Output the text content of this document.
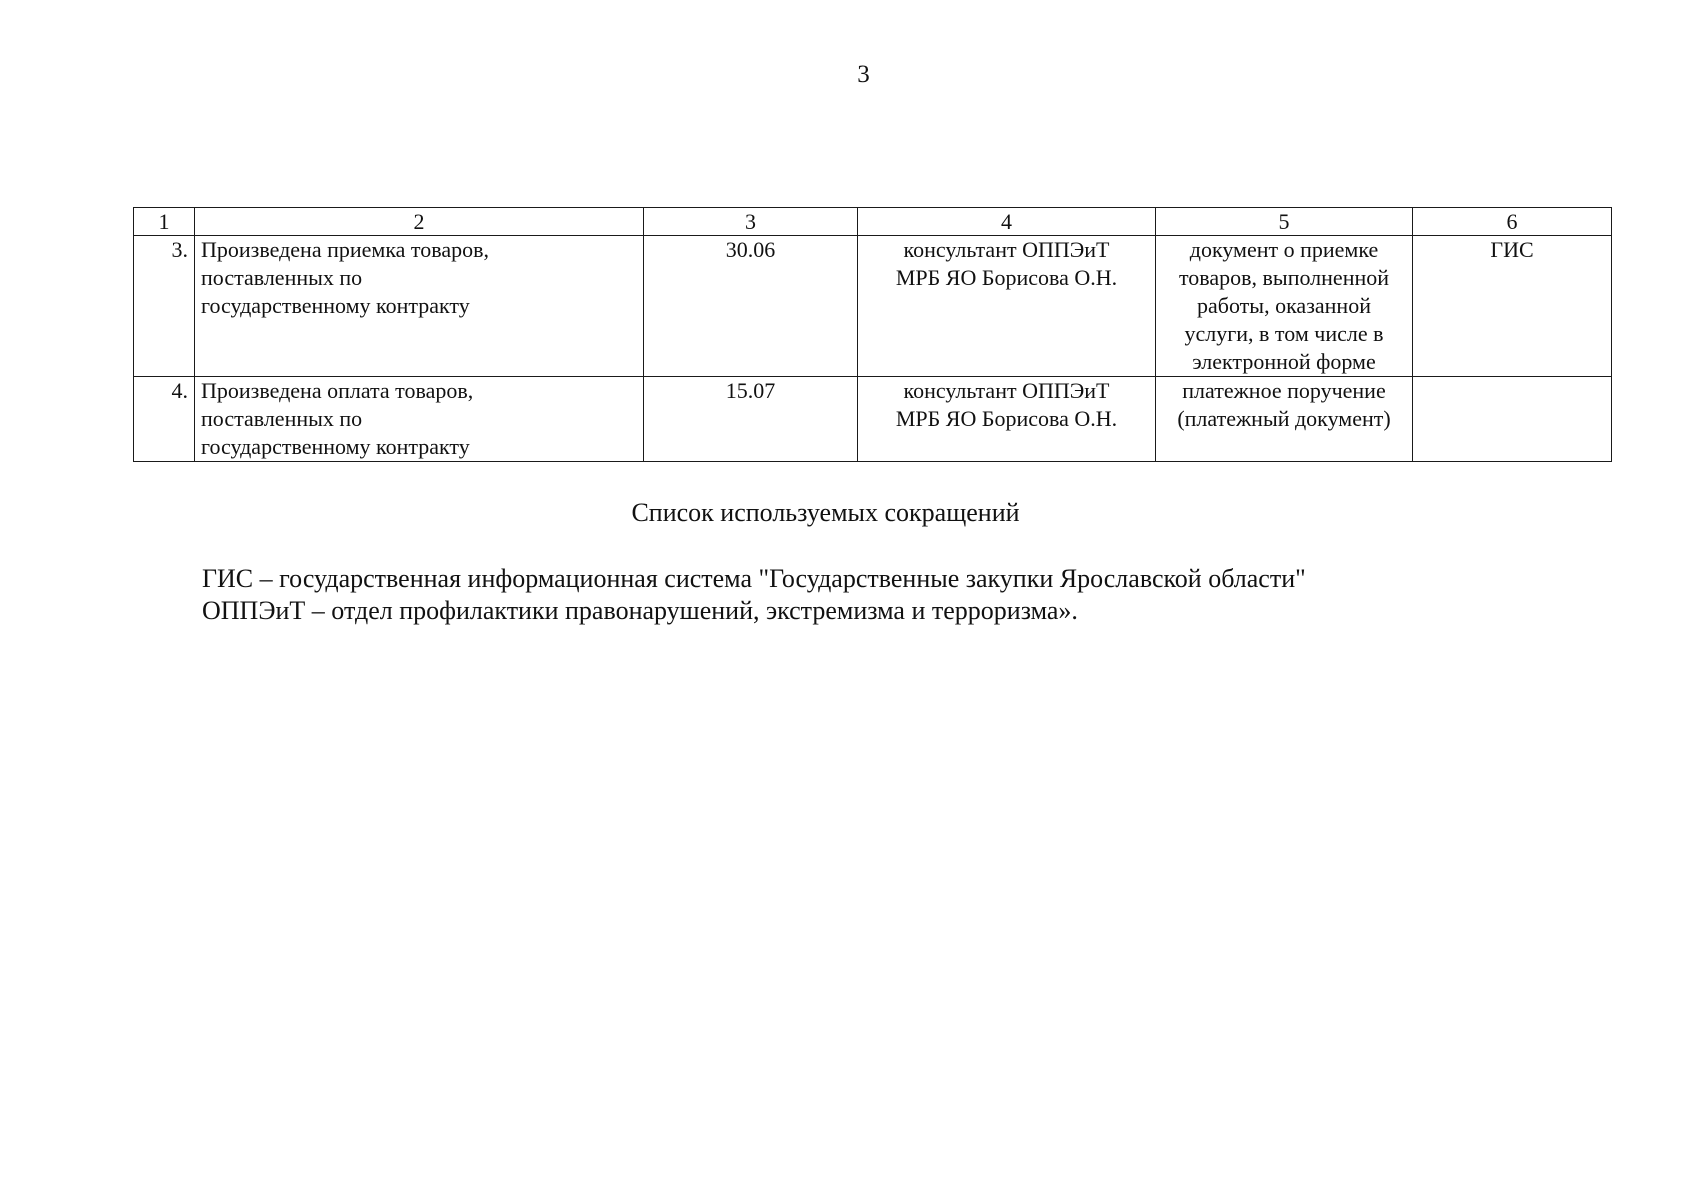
3
1	2	3	4	5	6
3.	Произведена приемка товаров,
поставленных по
государственному контракту	30.06	консультант ОППЭиТ
МРБ ЯО Борисова О.Н.	документ о приемке
товаров, выполненной
работы, оказанной
услуги, в том числе в
электронной форме	ГИС
4.	Произведена оплата товаров,
поставленных по
государственному контракту	15.07	консультант ОППЭиТ
МРБ ЯО Борисова О.Н.	платежное поручение
(платежный документ)	

Список используемых сокращений
ГИС – государственная информационная система "Государственные закупки Ярославской области"
ОППЭиТ – отдел профилактики правонарушений, экстремизма и терроризма».
